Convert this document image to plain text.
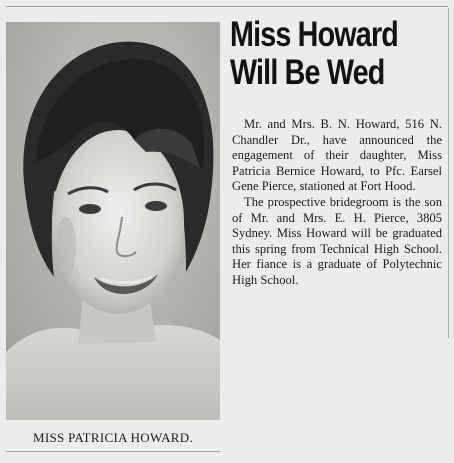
MISS PATRICIA HOWARD.
Miss Howard
Will Be Wed

Mr. and Mrs. B. N. Howard, 516 N. Chandler Dr., have announced the engagement of their daughter, Miss Patricia Bernice Howard, to Pfc. Earsel Gene Pierce, stationed at Fort Hood.

The prospective bridegroom is the son of Mr. and Mrs. E. H. Pierce, 3805 Sydney. Miss Howard will be graduated this spring from Technical High School. Her fiance is a graduate of Polytechnic High School.
